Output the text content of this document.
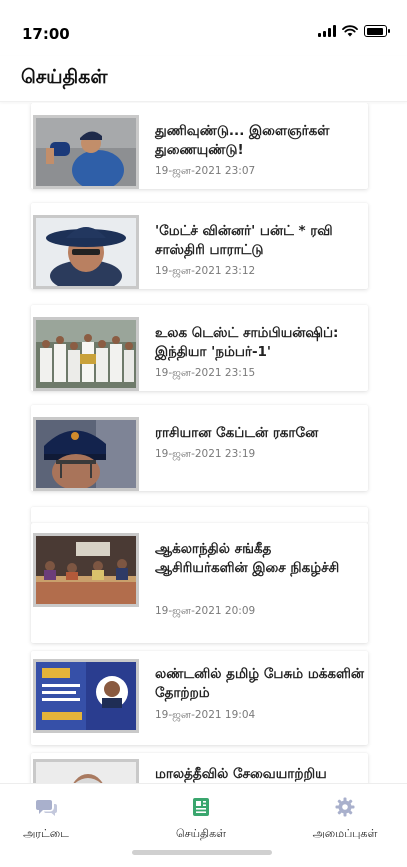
17:00
செய்திகள்
துணிவுண்டு... இளைஞர்கள் துணையுண்டு!
19-ஜன-2021 23:07
'மேட்ச் வின்னர்' பன்ட் * ரவி சாஸ்திரி பாராட்டு
19-ஜன-2021 23:12
உலக டெஸ்ட் சாம்பியன்ஷிப்: இந்தியா 'நம்பர்-1'
19-ஜன-2021 23:15
ராசியான கேப்டன் ரகானே
19-ஜன-2021 23:19
ஆக்லாந்தில் சங்கீத ஆசிரியர்களின் இசை நிகழ்ச்சி
19-ஜன-2021 20:09
லண்டனில் தமிழ் பேசும் மக்களின் தோற்றம்
19-ஜன-2021 19:04
மாலத்தீவில் சேவையாற்றிய
அரட்டை	செய்திகள்	அமைப்புகள்
